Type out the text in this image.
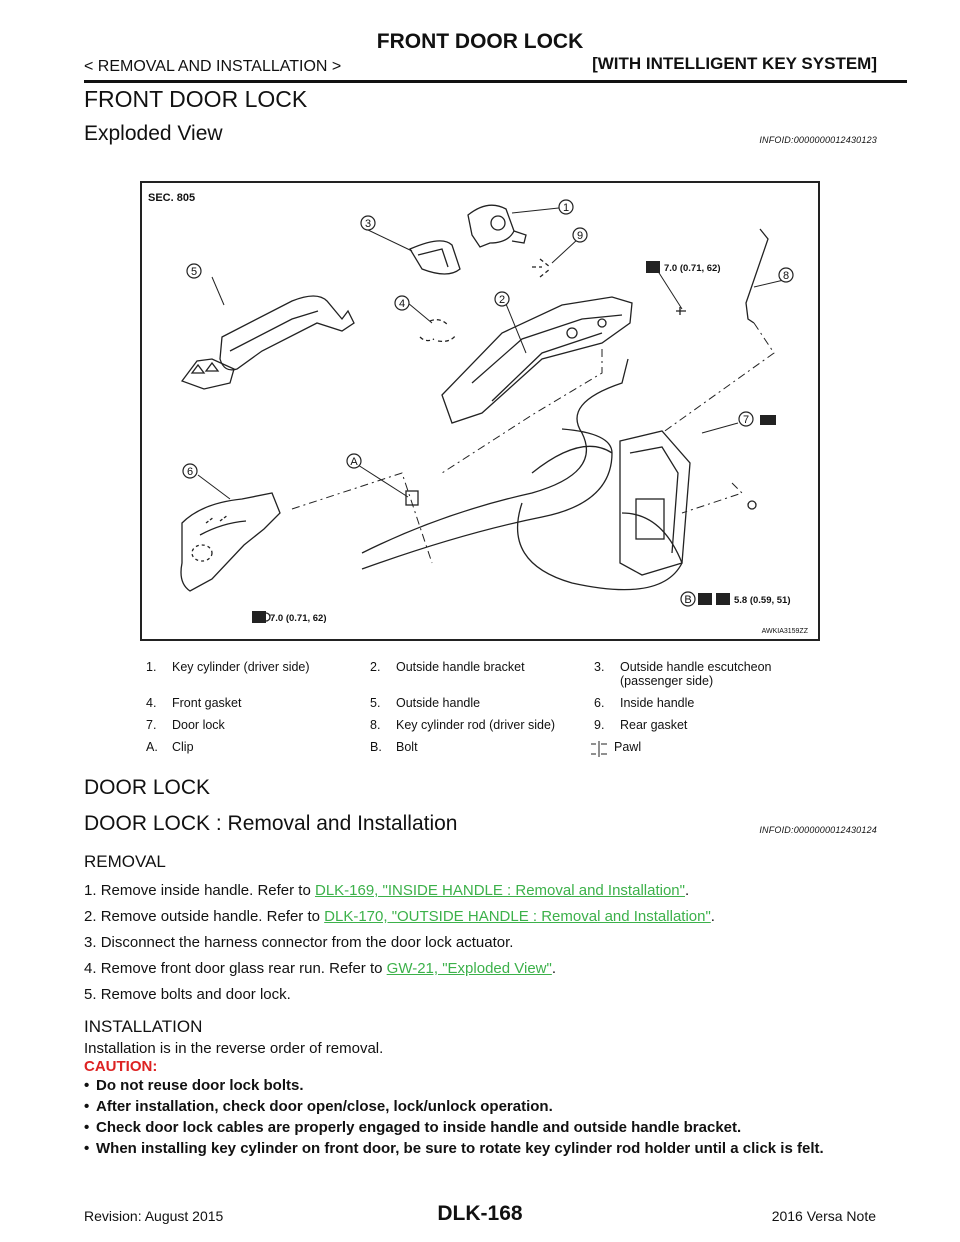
FRONT DOOR LOCK
< REMOVAL AND INSTALLATION >	[WITH INTELLIGENT KEY SYSTEM]
FRONT DOOR LOCK
Exploded View	INFOID:0000000012430123
1
9
3
5
4	2
8
7
A
6
B
SEC. 805
7.0 (0.71, 62)
5.8 (0.59, 51)
7.0 (0.71, 62)
AWKIA3159ZZ
1.	Key cylinder (driver side)	2.	Outside handle bracket	3.	Outside handle escutcheon (passenger side)
4.	Front gasket	5.	Outside handle	6.	Inside handle
7.	Door lock	8.	Key cylinder rod (driver side)	9.	Rear gasket
A.	Clip	B.	Bolt	Pawl
DOOR LOCK
DOOR LOCK : Removal and Installation	INFOID:0000000012430124
REMOVAL
1. Remove inside handle. Refer to DLK-169, "INSIDE HANDLE : Removal and Installation".
2. Remove outside handle. Refer to DLK-170, "OUTSIDE HANDLE : Removal and Installation".
3. Disconnect the harness connector from the door lock actuator.
4. Remove front door glass rear run. Refer to GW-21, "Exploded View".
5. Remove bolts and door lock.
INSTALLATION
Installation is in the reverse order of removal.
CAUTION:
• Do not reuse door lock bolts.
• After installation, check door open/close, lock/unlock operation.
• Check door lock cables are properly engaged to inside handle and outside handle bracket.
• When installing key cylinder on front door, be sure to rotate key cylinder rod holder until a click is felt.
Revision: August 2015	DLK-168	2016 Versa Note
